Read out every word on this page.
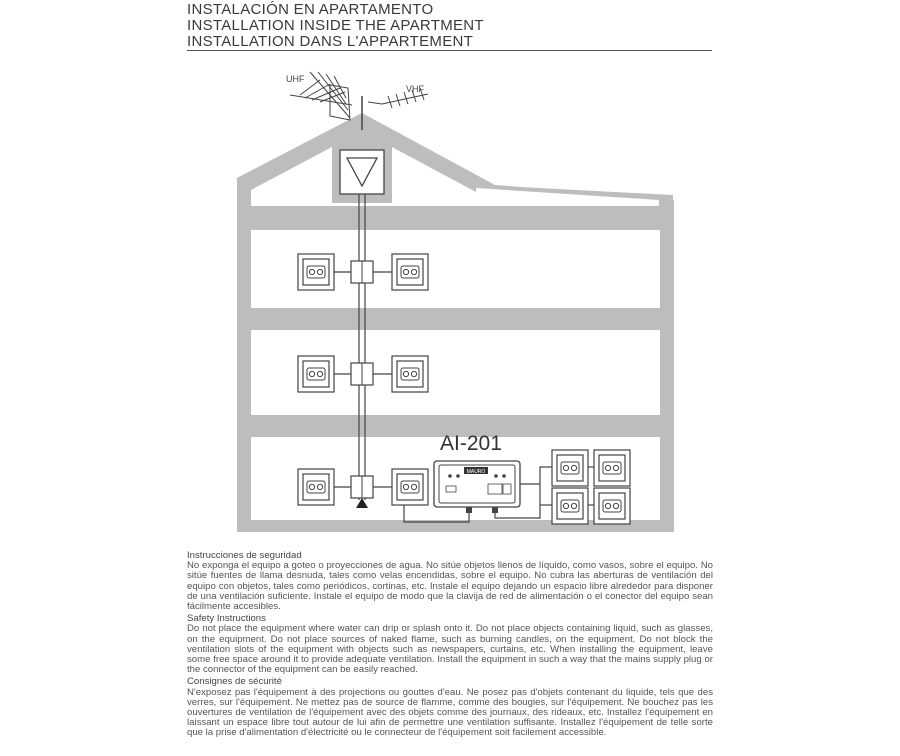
INSTALACIÓN EN APARTAMENTO
INSTALLATION INSIDE THE APARTMENT
INSTALLATION DANS L'APPARTEMENT
UHF
VHF
AI-201
MAURO
Instrucciones de seguridad
No exponga el equipo a goteo o proyecciones de agua. No sitúe objetos llenos de líquido, como vasos, sobre el equipo. No sitúe fuentes de llama desnuda, tales como velas encendidas, sobre el equipo. No cubra las aberturas de ventilación del equipo con objetos, tales como periódicos, cortinas, etc. Instale el equipo dejando un espacio libre alrededor para disponer de una ventilación suficiente. Instale el equipo de modo que la clavija de red de alimentación o el conector del equipo sean fácilmente accesibles.
Safety Instructions
Do not place the equipment where water can drip or splash onto it. Do not place objects containing liquid, such as glasses, on the equipment. Do not place sources of naked flame, such as burning candles, on the equipment. Do not block the ventilation slots of the equipment with objects such as newspapers, curtains, etc. When installing the equipment, leave some free space around it to provide adequate ventilation. Install the equipment in such a way that the mains supply plug or the connector of the equipment can be easily reached.
Consignes de sécurité
N'exposez pas l'équipement à des projections ou gouttes d'eau. Ne posez pas d'objets contenant du liquide, tels que des verres, sur l'équipement. Ne mettez pas de source de flamme, comme des bougies, sur l'équipement. Ne bouchez pas les ouvertures de ventilation de l'équipement avec des objets comme des journaux, des rideaux, etc. Installez l'équipement en laissant un espace libre tout autour de lui afin de permettre une ventilation suffisante. Installez l'équipement de telle sorte que la prise d'alimentation d'électricité ou le connecteur de l'équipement soit facilement accessible.
